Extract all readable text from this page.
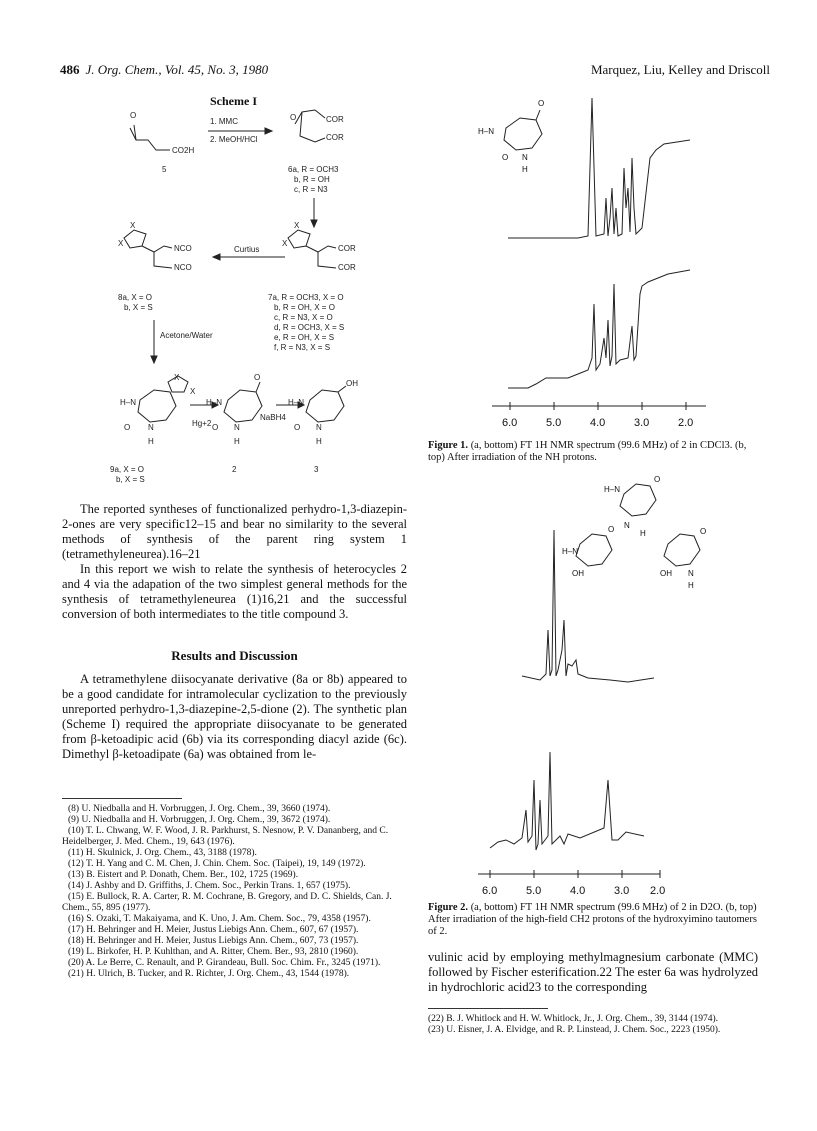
486 J. Org. Chem., Vol. 45, No. 3, 1980	Marquez, Liu, Kelley and Driscoll
Scheme I
O
CO2H
1. MMC
2. MeOH/HCl
O	COR
COR
5	6a, R = OCH3
b, R = OH
c, R = N3
X
X
NCO
NCO
Curtius
X
X
COR
COR
8a, X = O
b, X = S
7a, R = OCH3, X = O
b, R = OH, X = O
c, R = N3, X = O
d, R = OCH3, X = S
e, R = OH, X = S
f, R = N3, X = S
Acetone/Water
X
X
H–N
O N
H
Hg+2
O
H–N
O N
H
NaBH4
OH
H–N
O N
H
9a, X = O
b, X = S
2	3

The reported syntheses of functionalized perhydro-1,3-diazepin-2-ones are very specific12–15 and bear no similarity to the several methods of synthesis of the parent ring system 1 (tetramethyleneurea).16–21

In this report we wish to relate the synthesis of heterocycles 2 and 4 via the adapation of the two simplest general methods for the synthesis of tetramethyleneurea (1)16,21 and the successful conversion of both intermediates to the title compound 3.

Results and Discussion

A tetramethylene diisocyanate derivative (8a or 8b) appeared to be a good candidate for intramolecular cyclization to the previously unreported perhydro-1,3-diazepine-2,5-dione (2). The synthetic plan (Scheme I) required the appropriate diisocyanate to be generated from β-ketoadipic acid (6b) via its corresponding diacyl azide (6c). Dimethyl β-ketoadipate (6a) was obtained from le-

(8) U. Niedballa and H. Vorbruggen, J. Org. Chem., 39, 3660 (1974).

(9) U. Niedballa and H. Vorbruggen, J. Org. Chem., 39, 3672 (1974).

(10) T. L. Chwang, W. F. Wood, J. R. Parkhurst, S. Nesnow, P. V. Dananberg, and C. Heidelberger, J. Med. Chem., 19, 643 (1976).

(11) H. Skulnick, J. Org. Chem., 43, 3188 (1978).

(12) T. H. Yang and C. M. Chen, J. Chin. Chem. Soc. (Taipei), 19, 149 (1972).

(13) B. Eistert and P. Donath, Chem. Ber., 102, 1725 (1969).

(14) J. Ashby and D. Griffiths, J. Chem. Soc., Perkin Trans. 1, 657 (1975).

(15) E. Bullock, R. A. Carter, R. M. Cochrane, B. Gregory, and D. C. Shields, Can. J. Chem., 55, 895 (1977).

(16) S. Ozaki, T. Makaiyama, and K. Uno, J. Am. Chem. Soc., 79, 4358 (1957).

(17) H. Behringer and H. Meier, Justus Liebigs Ann. Chem., 607, 67 (1957).

(18) H. Behringer and H. Meier, Justus Liebigs Ann. Chem., 607, 73 (1957).

(19) L. Birkofer, H. P. Kuhlthan, and A. Ritter, Chem. Ber., 93, 2810 (1960).

(20) A. Le Berre, C. Renault, and P. Girandeau, Bull. Soc. Chim. Fr., 3245 (1971).

(21) H. Ulrich, B. Tucker, and R. Richter, J. Org. Chem., 43, 1544 (1978).

H–N
O
O N
H
6.0	5.0	4.0	3.0	2.0
Figure 1. (a, bottom) FT 1H NMR spectrum (99.6 MHz) of 2 in CDCl3. (b, top) After irradiation of the NH protons.
H–N
O
N
H
H–N
O
OH
O
OH N
H
6.0	5.0	4.0	3.0 2.0
Figure 2. (a, bottom) FT 1H NMR spectrum (99.6 MHz) of 2 in D2O. (b, top) After irradiation of the high-field CH2 protons of the hydroxyimino tautomers of 2.

vulinic acid by employing methylmagnesium carbonate (MMC) followed by Fischer esterification.22 The ester 6a was hydrolyzed in hydrochloric acid23 to the corresponding

(22) B. J. Whitlock and H. W. Whitlock, Jr., J. Org. Chem., 39, 3144 (1974).

(23) U. Eisner, J. A. Elvidge, and R. P. Linstead, J. Chem. Soc., 2223 (1950).
